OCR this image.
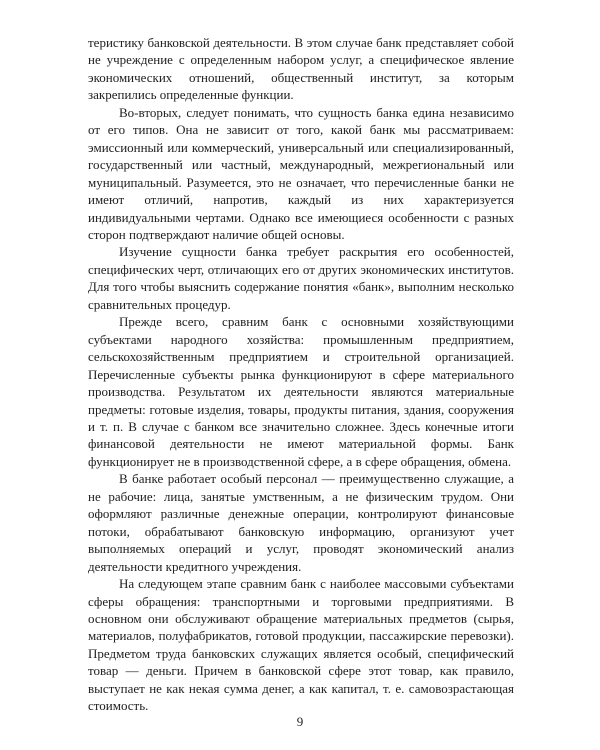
теристику банковской деятельности. В этом случае банк представляет собой не учреждение с определенным набором услуг, а специфическое явление экономических отношений, общественный институт, за которым закрепились определенные функции.

Во-вторых, следует понимать, что сущность банка едина независимо от его типов. Она не зависит от того, какой банк мы рассматриваем: эмиссионный или коммерческий, универсальный или специализированный, государственный или частный, международный, межрегиональный или муниципальный. Разумеется, это не означает, что перечисленные банки не имеют отличий, напротив, каждый из них характеризуется индивидуальными чертами. Однако все имеющиеся особенности с разных сторон подтверждают наличие общей основы.

Изучение сущности банка требует раскрытия его особенностей, специфических черт, отличающих его от других экономических институтов. Для того чтобы выяснить содержание понятия «банк», выполним несколько сравнительных процедур.

Прежде всего, сравним банк с основными хозяйствующими субъектами народного хозяйства: промышленным предприятием, сельскохозяйственным предприятием и строительной организацией. Перечисленные субъекты рынка функционируют в сфере материального производства. Результатом их деятельности являются материальные предметы: готовые изделия, товары, продукты питания, здания, сооружения и т. п. В случае с банком все значительно сложнее. Здесь конечные итоги финансовой деятельности не имеют материальной формы. Банк функционирует не в производственной сфере, а в сфере обращения, обмена.

В банке работает особый персонал — преимущественно служащие, а не рабочие: лица, занятые умственным, а не физическим трудом. Они оформляют различные денежные операции, контролируют финансовые потоки, обрабатывают банковскую информацию, организуют учет выполняемых операций и услуг, проводят экономический анализ деятельности кредитного учреждения.

На следующем этапе сравним банк с наиболее массовыми субъектами сферы обращения: транспортными и торговыми предприятиями. В основном они обслуживают обращение материальных предметов (сырья, материалов, полуфабрикатов, готовой продукции, пассажирские перевозки). Предметом труда банковских служащих является особый, специфический товар — деньги. Причем в банковской сфере этот товар, как правило, выступает не как некая сумма денег, а как капитал, т. е. самовозрастающая стоимость.

9
